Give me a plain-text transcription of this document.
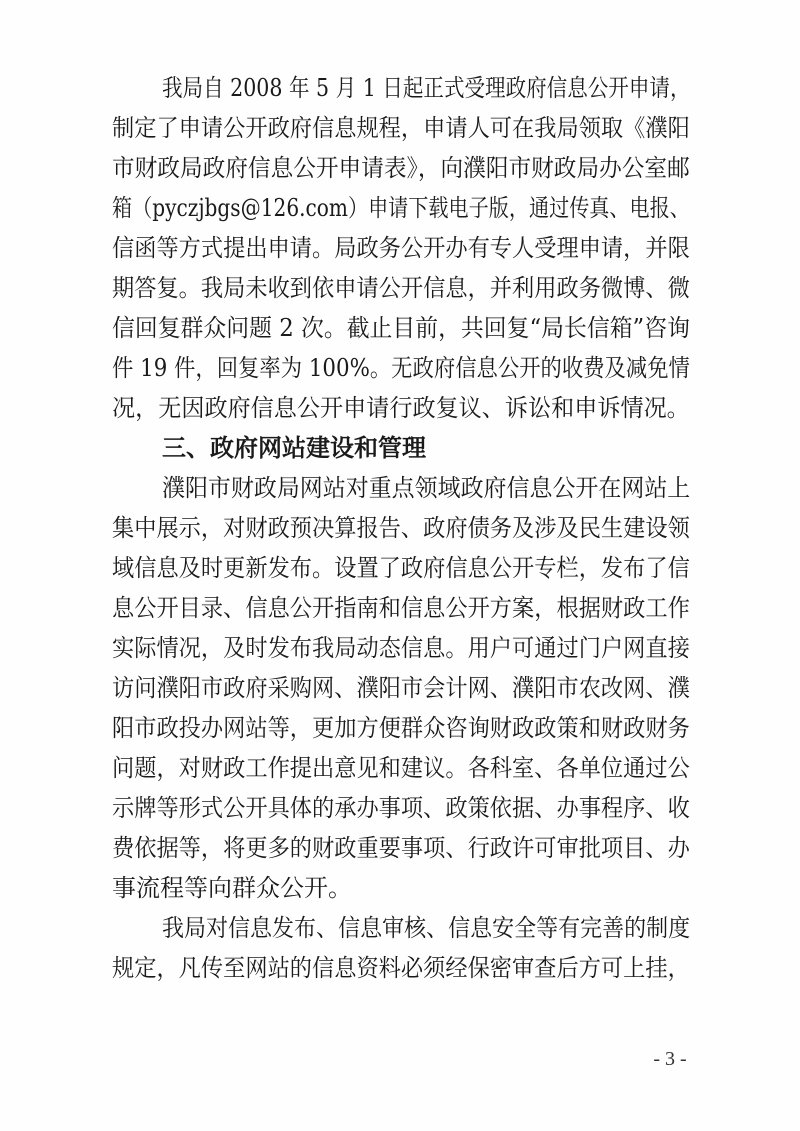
我局自 2008 年 5 月 1 日起正式受理政府信息公开申请，
制定了申请公开政府信息规程，申请人可在我局领取《濮阳
市财政局政府信息公开申请表》，向濮阳市财政局办公室邮
箱（pyczjbgs@126.com）申请下载电子版，通过传真、电报、
信函等方式提出申请。局政务公开办有专人受理申请，并限
期答复。我局未收到依申请公开信息，并利用政务微博、微
信回复群众问题 2 次。截止目前，共回复“局长信箱”咨询
件 19 件，回复率为 100%。无政府信息公开的收费及减免情
况，无因政府信息公开申请行政复议、诉讼和申诉情况。
三、政府网站建设和管理
濮阳市财政局网站对重点领域政府信息公开在网站上
集中展示，对财政预决算报告、政府债务及涉及民生建设领
域信息及时更新发布。设置了政府信息公开专栏，发布了信
息公开目录、信息公开指南和信息公开方案，根据财政工作
实际情况，及时发布我局动态信息。用户可通过门户网直接
访问濮阳市政府采购网、濮阳市会计网、濮阳市农改网、濮
阳市政投办网站等，更加方便群众咨询财政政策和财政财务
问题，对财政工作提出意见和建议。各科室、各单位通过公
示牌等形式公开具体的承办事项、政策依据、办事程序、收
费依据等，将更多的财政重要事项、行政许可审批项目、办
事流程等向群众公开。
我局对信息发布、信息审核、信息安全等有完善的制度
- 3 -
规定，凡传至网站的信息资料必须经保密审查后方可上挂，
